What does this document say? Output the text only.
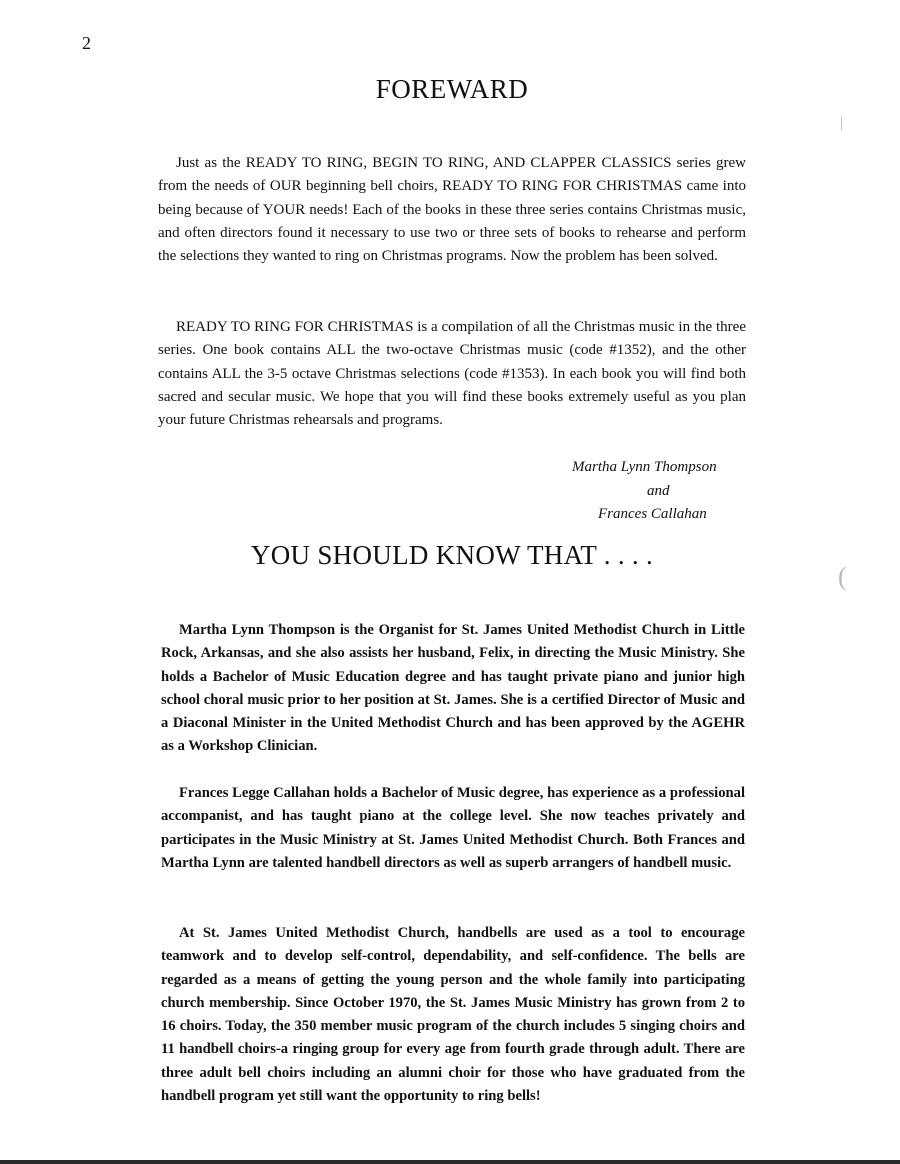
2
|
(
FOREWARD

Just as the READY TO RING, BEGIN TO RING, AND CLAPPER CLASSICS series grew from the needs of OUR beginning bell choirs, READY TO RING FOR CHRISTMAS came into being because of YOUR needs! Each of the books in these three series contains Christmas music, and often directors found it necessary to use two or three sets of books to rehearse and perform the selections they wanted to ring on Christmas programs. Now the problem has been solved.

READY TO RING FOR CHRISTMAS is a compilation of all the Christmas music in the three series. One book contains ALL the two-octave Christmas music (code #1352), and the other contains ALL the 3-5 octave Christmas selections (code #1353). In each book you will find both sacred and secular music. We hope that you will find these books extremely useful as you plan your future Christmas rehearsals and programs.

Martha Lynn Thompson
and
Frances Callahan
YOU SHOULD KNOW THAT . . . .

Martha Lynn Thompson is the Organist for St. James United Methodist Church in Little Rock, Arkansas, and she also assists her husband, Felix, in directing the Music Ministry. She holds a Bachelor of Music Education degree and has taught private piano and junior high school choral music prior to her position at St. James. She is a certified Director of Music and a Diaconal Minister in the United Methodist Church and has been approved by the AGEHR as a Workshop Clinician.

Frances Legge Callahan holds a Bachelor of Music degree, has experience as a professional accompanist, and has taught piano at the college level. She now teaches privately and participates in the Music Ministry at St. James United Methodist Church. Both Frances and Martha Lynn are talented handbell directors as well as superb arrangers of handbell music.

At St. James United Methodist Church, handbells are used as a tool to encourage teamwork and to develop self-control, dependability, and self-confidence. The bells are regarded as a means of getting the young person and the whole family into participating church membership. Since October 1970, the St. James Music Ministry has grown from 2 to 16 choirs. Today, the 350 member music program of the church includes 5 singing choirs and 11 handbell choirs-a ringing group for every age from fourth grade through adult. There are three adult bell choirs including an alumni choir for those who have graduated from the handbell program yet still want the opportunity to ring bells!
